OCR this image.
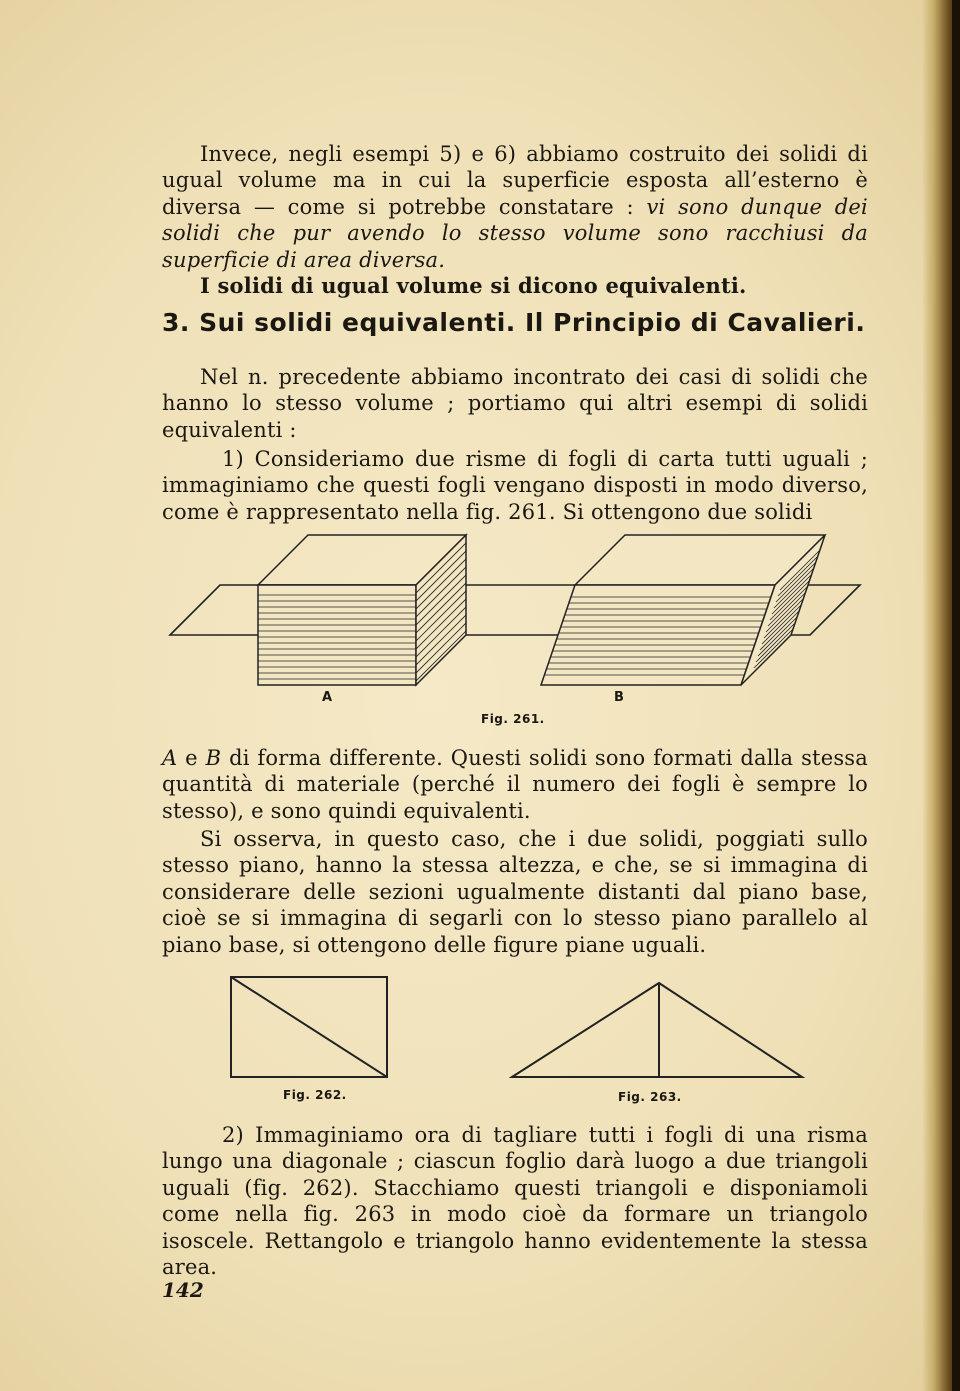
Invece, negli esempi 5) e 6) abbiamo costruito dei solidi di ugual volume ma in cui la superficie esposta all’esterno è diversa — come si potrebbe constatare : vi sono dunque dei solidi che pur avendo lo stesso volume sono racchiusi da superficie di area diversa.
I solidi di ugual volume si dicono equivalenti.
3. Sui solidi equivalenti. Il Principio di Cavalieri.
Nel n. precedente abbiamo incontrato dei casi di solidi che hanno lo stesso volume ; portiamo qui altri esempi di solidi equivalenti :
1) Consideriamo due risme di fogli di carta tutti uguali ; immaginiamo che questi fogli vengano disposti in modo diverso, come è rappresentato nella fig. 261. Si ottengono due solidi
A	B
Fig. 261.
A e B di forma differente. Questi solidi sono formati dalla stessa quantità di materiale (perché il numero dei fogli è sempre lo stesso), e sono quindi equivalenti.
Si osserva, in questo caso, che i due solidi, poggiati sullo stesso piano, hanno la stessa altezza, e che, se si immagina di considerare delle sezioni ugualmente distanti dal piano base, cioè se si immagina di segarli con lo stesso piano parallelo al piano base, si ottengono delle figure piane uguali.
Fig. 262.	Fig. 263.
2) Immaginiamo ora di tagliare tutti i fogli di una risma lungo una diagonale ; ciascun foglio darà luogo a due triangoli uguali (fig. 262). Stacchiamo questi triangoli e disponiamoli come nella fig. 263 in modo cioè da formare un triangolo isoscele. Rettangolo e triangolo hanno evidentemente la stessa area.
142
